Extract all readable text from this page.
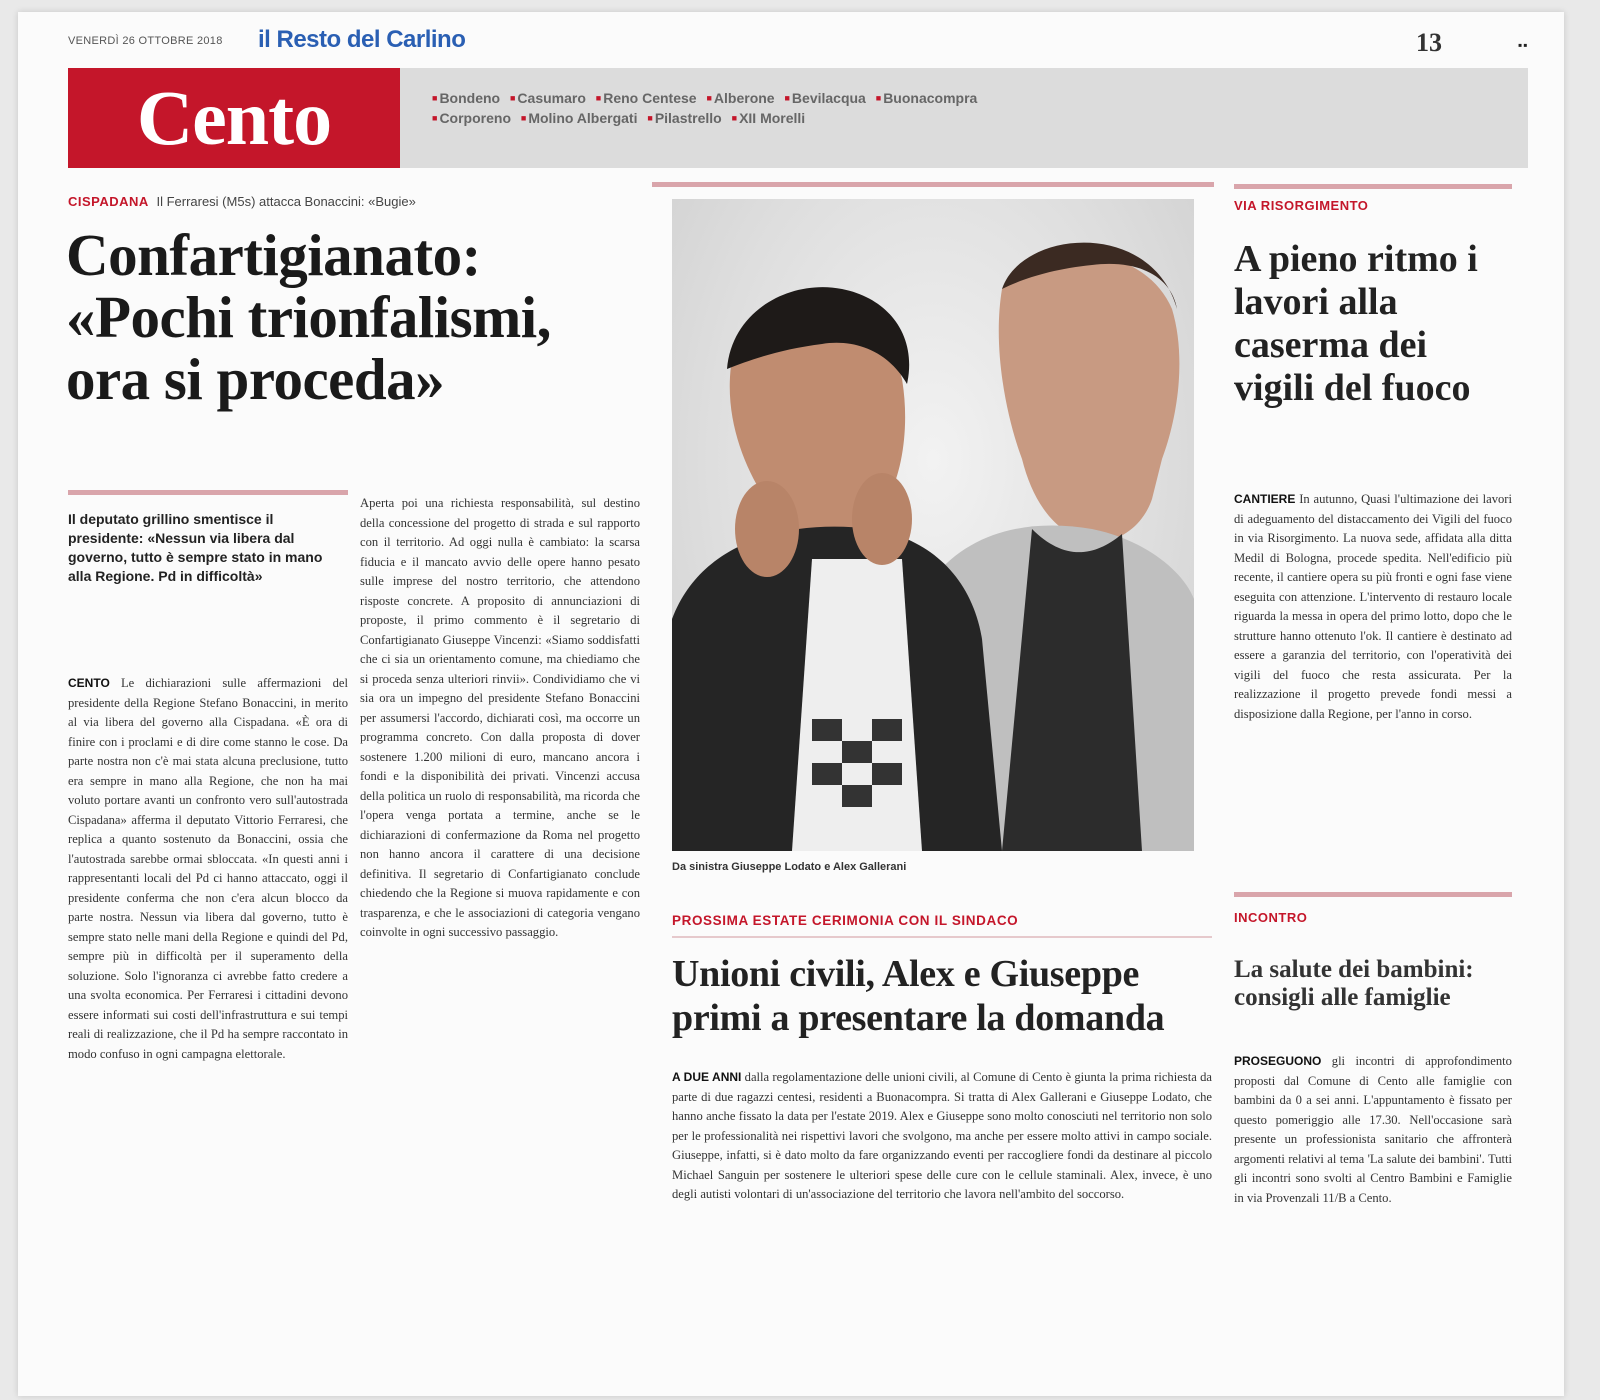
VENERDÌ 26 OTTOBRE 2018 il Resto del Carlino	13	▪▪
Cento	■ Bondeno ■ Casumaro ■ Reno Centese ■ Alberone ■ Bevilacqua ■ Buonacompra ■ Corporeno ■ Molino Albergati ■ Pilastrello ■ XII Morelli
CISPADANA Il Ferraresi (M5s) attacca Bonaccini: «Bugie»
Confartigianato: «Pochi trionfalismi, ora si proceda»
Il deputato grillino smentisce il presidente: «Nessun via libera dal governo, tutto è sempre stato in mano alla Regione. Pd in difficoltà»
CENTO Le dichiarazioni sulle affermazioni del presidente della Regione Stefano Bonaccini, in merito al via libera del governo alla Cispadana. «È ora di finire con i proclami e di dire come stanno le cose. Da parte nostra non c'è mai stata alcuna preclusione, tutto era sempre in mano alla Regione, che non ha mai voluto portare avanti un confronto vero sull'autostrada Cispadana» afferma il deputato Vittorio Ferraresi, che replica a quanto sostenuto da Bonaccini, ossia che l'autostrada sarebbe ormai sbloccata. «In questi anni i rappresentanti locali del Pd ci hanno attaccato, oggi il presidente conferma che non c'era alcun blocco da parte nostra. Nessun via libera dal governo, tutto è sempre stato nelle mani della Regione e quindi del Pd, sempre più in difficoltà per il superamento della soluzione. Solo l'ignoranza ci avrebbe fatto credere a una svolta economica. Per Ferraresi i cittadini devono essere informati sui costi dell'infrastruttura e sui tempi reali di realizzazione, che il Pd ha sempre raccontato in modo confuso in ogni campagna elettorale.
Aperta poi una richiesta responsabilità, sul destino della concessione del progetto di strada e sul rapporto con il territorio. Ad oggi nulla è cambiato: la scarsa fiducia e il mancato avvio delle opere hanno pesato sulle imprese del nostro territorio, che attendono risposte concrete. A proposito di annunciazioni di proposte, il primo commento è il segretario di Confartigianato Giuseppe Vincenzi: «Siamo soddisfatti che ci sia un orientamento comune, ma chiediamo che si proceda senza ulteriori rinvii». Condividiamo che vi sia ora un impegno del presidente Stefano Bonaccini per assumersi l'accordo, dichiarati così, ma occorre un programma concreto. Con dalla proposta di dover sostenere 1.200 milioni di euro, mancano ancora i fondi e la disponibilità dei privati. Vincenzi accusa della politica un ruolo di responsabilità, ma ricorda che l'opera venga portata a termine, anche se le dichiarazioni di confermazione da Roma nel progetto non hanno ancora il carattere di una decisione definitiva. Il segretario di Confartigianato conclude chiedendo che la Regione si muova rapidamente e con trasparenza, e che le associazioni di categoria vengano coinvolte in ogni successivo passaggio.
Da sinistra Giuseppe Lodato e Alex Gallerani
PROSSIMA ESTATE CERIMONIA CON IL SINDACO
Unioni civili, Alex e Giuseppe primi a presentare la domanda
A DUE ANNI dalla regolamentazione delle unioni civili, al Comune di Cento è giunta la prima richiesta da parte di due ragazzi centesi, residenti a Buonacompra. Si tratta di Alex Gallerani e Giuseppe Lodato, che hanno anche fissato la data per l'estate 2019. Alex e Giuseppe sono molto conosciuti nel territorio non solo per le professionalità nei rispettivi lavori che svolgono, ma anche per essere molto attivi in campo sociale. Giuseppe, infatti, si è dato molto da fare organizzando eventi per raccogliere fondi da destinare al piccolo Michael Sanguin per sostenere le ulteriori spese delle cure con le cellule staminali. Alex, invece, è uno degli autisti volontari di un'associazione del territorio che lavora nell'ambito del soccorso.
VIA RISORGIMENTO
A pieno ritmo i lavori alla caserma dei vigili del fuoco
CANTIERE In autunno, Quasi l'ultimazione dei lavori di adeguamento del distaccamento dei Vigili del fuoco in via Risorgimento. La nuova sede, affidata alla ditta Medil di Bologna, procede spedita. Nell'edificio più recente, il cantiere opera su più fronti e ogni fase viene eseguita con attenzione. L'intervento di restauro locale riguarda la messa in opera del primo lotto, dopo che le strutture hanno ottenuto l'ok. Il cantiere è destinato ad essere a garanzia del territorio, con l'operatività dei vigili del fuoco che resta assicurata. Per la realizzazione il progetto prevede fondi messi a disposizione dalla Regione, per l'anno in corso.
INCONTRO
La salute dei bambini: consigli alle famiglie
PROSEGUONO gli incontri di approfondimento proposti dal Comune di Cento alle famiglie con bambini da 0 a sei anni. L'appuntamento è fissato per questo pomeriggio alle 17.30. Nell'occasione sarà presente un professionista sanitario che affronterà argomenti relativi al tema 'La salute dei bambini'. Tutti gli incontri sono svolti al Centro Bambini e Famiglie in via Provenzali 11/B a Cento.
